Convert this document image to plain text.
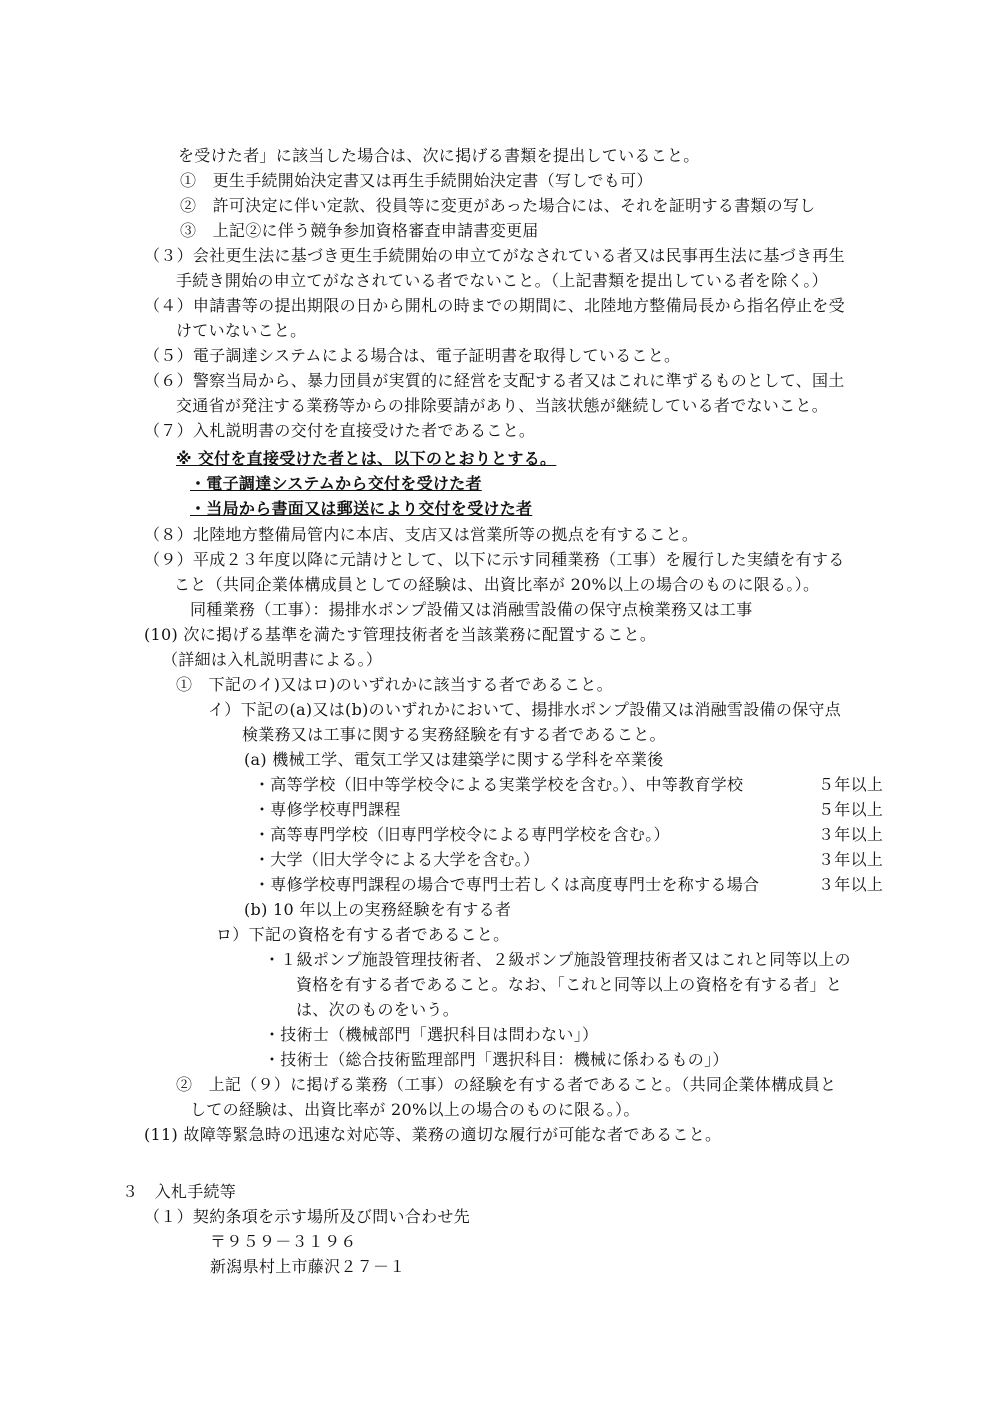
を受けた者」に該当した場合は、次に掲げる書類を提出していること。
①　更生手続開始決定書又は再生手続開始決定書（写しでも可）
②　許可決定に伴い定款、役員等に変更があった場合には、それを証明する書類の写し
③　上記②に伴う競争参加資格審査申請書変更届
（３）会社更生法に基づき更生手続開始の申立てがなされている者又は民事再生法に基づき再生
手続き開始の申立てがなされている者でないこと。（上記書類を提出している者を除く。）
（４）申請書等の提出期限の日から開札の時までの期間に、北陸地方整備局長から指名停止を受
けていないこと。
（５）電子調達システムによる場合は、電子証明書を取得していること。
（６）警察当局から、暴力団員が実質的に経営を支配する者又はこれに準ずるものとして、国土
交通省が発注する業務等からの排除要請があり、当該状態が継続している者でないこと。
（７）入札説明書の交付を直接受けた者であること。
※ 交付を直接受けた者とは、以下のとおりとする。
・電子調達システムから交付を受けた者
・当局から書面又は郵送により交付を受けた者
（８）北陸地方整備局管内に本店、支店又は営業所等の拠点を有すること。
（９）平成２３年度以降に元請けとして、以下に示す同種業務（工事）を履行した実績を有する
こと（共同企業体構成員としての経験は、出資比率が 20%以上の場合のものに限る。）。
同種業務（工事）：揚排水ポンプ設備又は消融雪設備の保守点検業務又は工事
(10) 次に掲げる基準を満たす管理技術者を当該業務に配置すること。
（詳細は入札説明書による。）
①　下記のイ)又はロ)のいずれかに該当する者であること。
イ）下記の(a)又は(b)のいずれかにおいて、揚排水ポンプ設備又は消融雪設備の保守点
検業務又は工事に関する実務経験を有する者であること。
(a) 機械工学、電気工学又は建築学に関する学科を卒業後
・高等学校（旧中等学校令による実業学校を含む。）、中等教育学校	５年以上
・専修学校専門課程	５年以上
・高等専門学校（旧専門学校令による専門学校を含む。）	３年以上
・大学（旧大学令による大学を含む。）	３年以上
・専修学校専門課程の場合で専門士若しくは高度専門士を称する場合	３年以上
(b) 10 年以上の実務経験を有する者
ロ）下記の資格を有する者であること。
・１級ポンプ施設管理技術者、２級ポンプ施設管理技術者又はこれと同等以上の
資格を有する者であること。なお、「これと同等以上の資格を有する者」と
は、次のものをいう。
・技術士（機械部門「選択科目は問わない」）
・技術士（総合技術監理部門「選択科目：機械に係わるもの」）
②　上記（９）に掲げる業務（工事）の経験を有する者であること。（共同企業体構成員と
しての経験は、出資比率が 20%以上の場合のものに限る。）。
(11) 故障等緊急時の迅速な対応等、業務の適切な履行が可能な者であること。
３　入札手続等
（１）契約条項を示す場所及び問い合わせ先
〒９５９－３１９６
新潟県村上市藤沢２７－１
